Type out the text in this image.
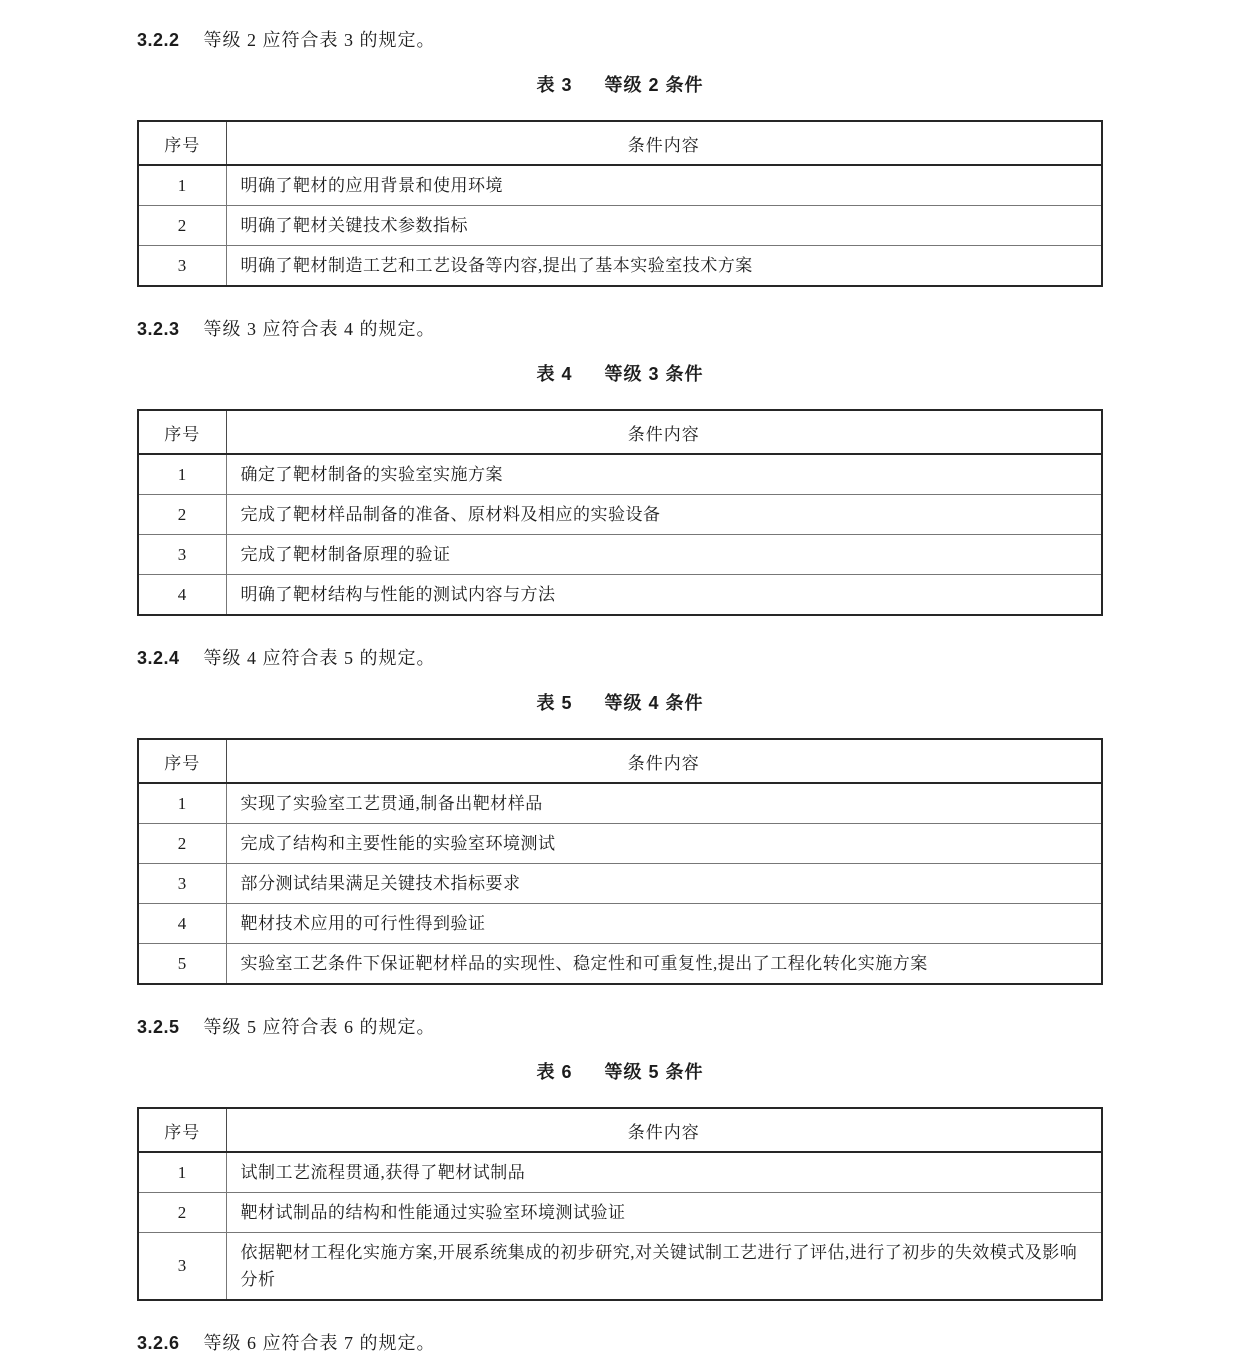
3.2.2 等级 2 应符合表 3 的规定。
表 3 等级 2 条件
序号	条件内容
1	明确了靶材的应用背景和使用环境
2	明确了靶材关键技术参数指标
3	明确了靶材制造工艺和工艺设备等内容,提出了基本实验室技术方案
3.2.3 等级 3 应符合表 4 的规定。
表 4 等级 3 条件
序号	条件内容
1	确定了靶材制备的实验室实施方案
2	完成了靶材样品制备的准备、原材料及相应的实验设备
3	完成了靶材制备原理的验证
4	明确了靶材结构与性能的测试内容与方法
3.2.4 等级 4 应符合表 5 的规定。
表 5 等级 4 条件
序号	条件内容
1	实现了实验室工艺贯通,制备出靶材样品
2	完成了结构和主要性能的实验室环境测试
3	部分测试结果满足关键技术指标要求
4	靶材技术应用的可行性得到验证
5	实验室工艺条件下保证靶材样品的实现性、稳定性和可重复性,提出了工程化转化实施方案
3.2.5 等级 5 应符合表 6 的规定。
表 6 等级 5 条件
序号	条件内容
1	试制工艺流程贯通,获得了靶材试制品
2	靶材试制品的结构和性能通过实验室环境测试验证
3	依据靶材工程化实施方案,开展系统集成的初步研究,对关键试制工艺进行了评估,进行了初步的失效模式及影响分析
3.2.6 等级 6 应符合表 7 的规定。
